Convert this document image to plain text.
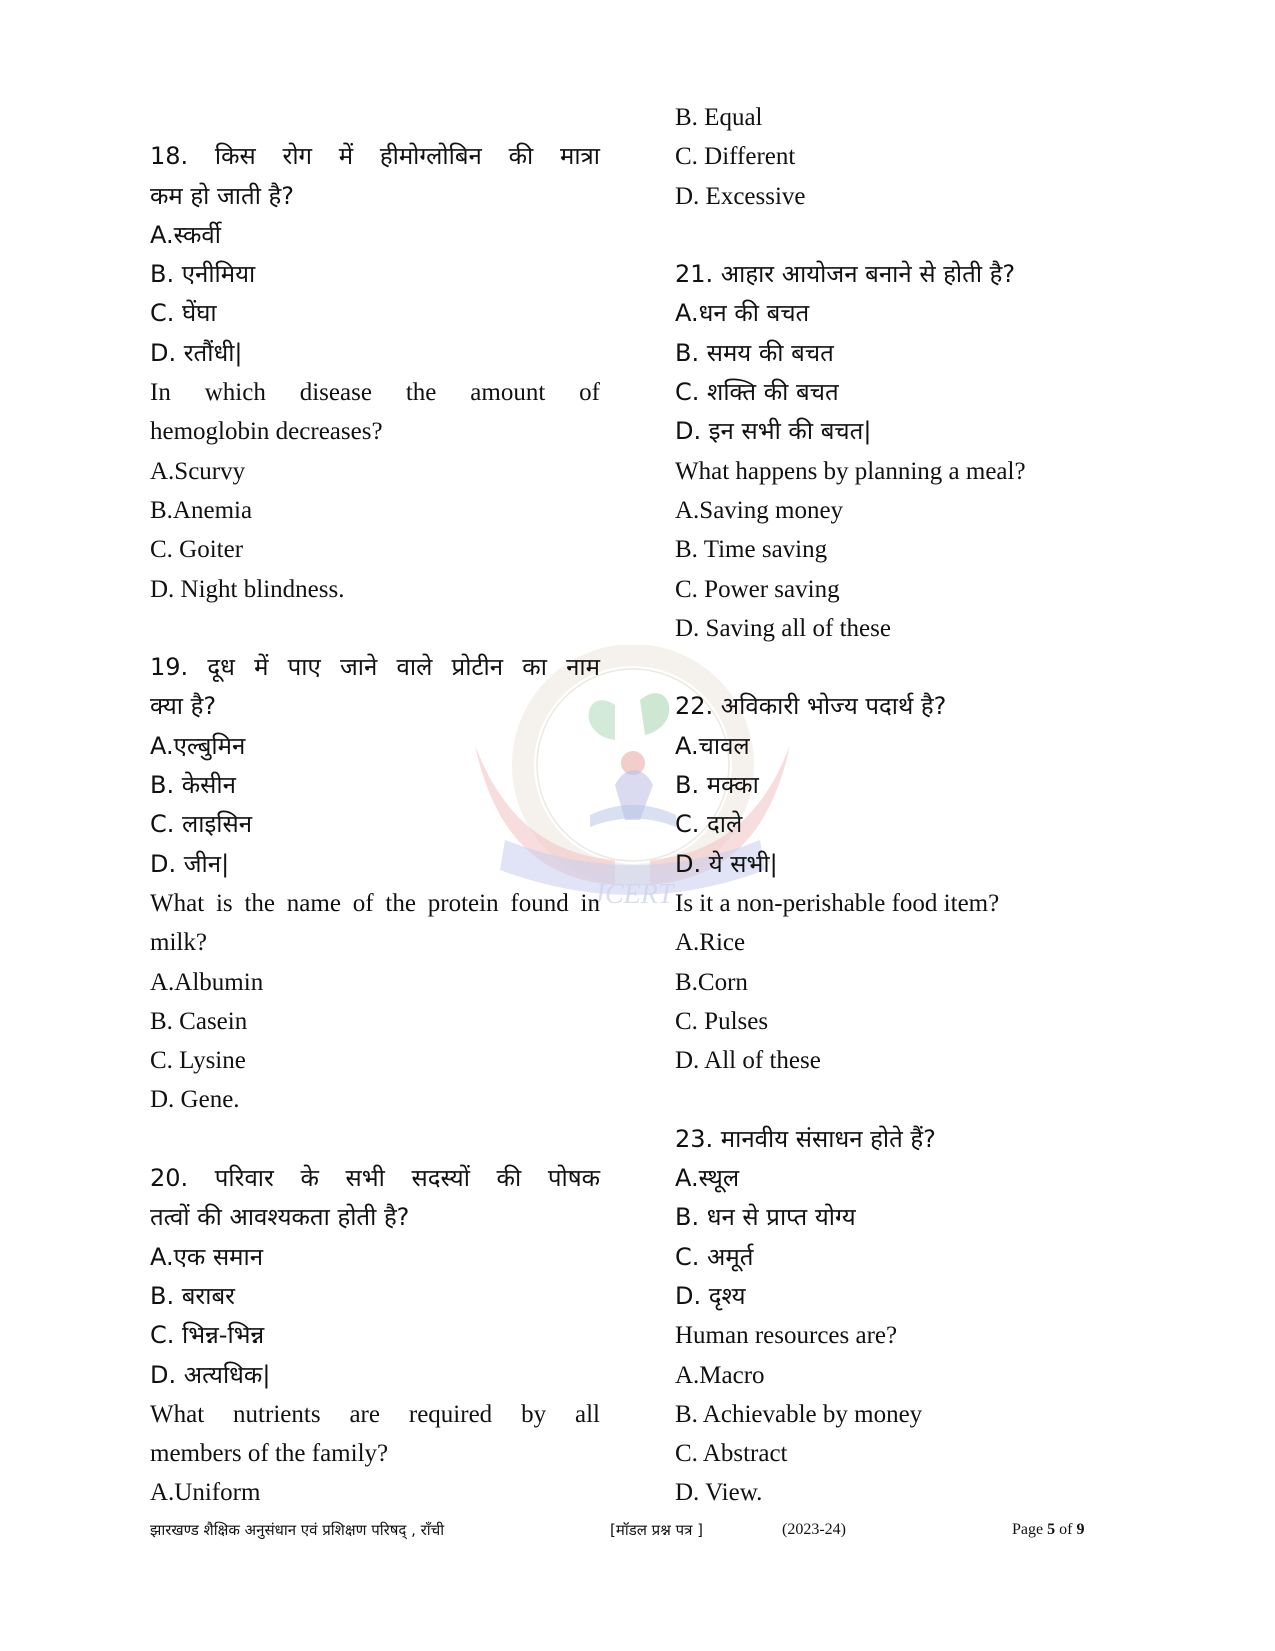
JCERT
18. किस रोग में हीमोग्लोबिन की मात्रा
कम हो जाती है?
A.स्कर्वी
B. एनीमिया
C. घेंघा
D. रतौंधी|
In which disease the amount of
hemoglobin decreases?
A.Scurvy
B.Anemia
C. Goiter
D. Night blindness.
19. दूध में पाए जाने वाले प्रोटीन का नाम
क्या है?
A.एल्बुमिन
B. केसीन
C. लाइसिन
D. जीन|
What is the name of the protein found in
milk?
A.Albumin
B. Casein
C. Lysine
D. Gene.
20. परिवार के सभी सदस्यों की पोषक
तत्वों की आवश्यकता होती है?
A.एक समान
B. बराबर
C. भिन्न-भिन्न
D. अत्यधिक|
What nutrients are required by all
members of the family?
A.Uniform
B. Equal
C. Different
D. Excessive
21. आहार आयोजन बनाने से होती है?
A.धन की बचत
B. समय की बचत
C. शक्ति की बचत
D. इन सभी की बचत|
What happens by planning a meal?
A.Saving money
B. Time saving
C. Power saving
D. Saving all of these
22. अविकारी भोज्य पदार्थ है?
A.चावल
B. मक्का
C. दाले
D. ये सभी|
Is it a non-perishable food item?
A.Rice
B.Corn
C. Pulses
D. All of these
23. मानवीय संसाधन होते हैं?
A.स्थूल
B. धन से प्राप्त योग्य
C. अमूर्त
D. दृश्य
Human resources are?
A.Macro
B. Achievable by money
C. Abstract
D. View.
झारखण्ड शैक्षिक अनुसंधान एवं प्रशिक्षण परिषद् , राँची	[मॉडल प्रश्न पत्र ]	(2023-24)	Page 5 of 9
